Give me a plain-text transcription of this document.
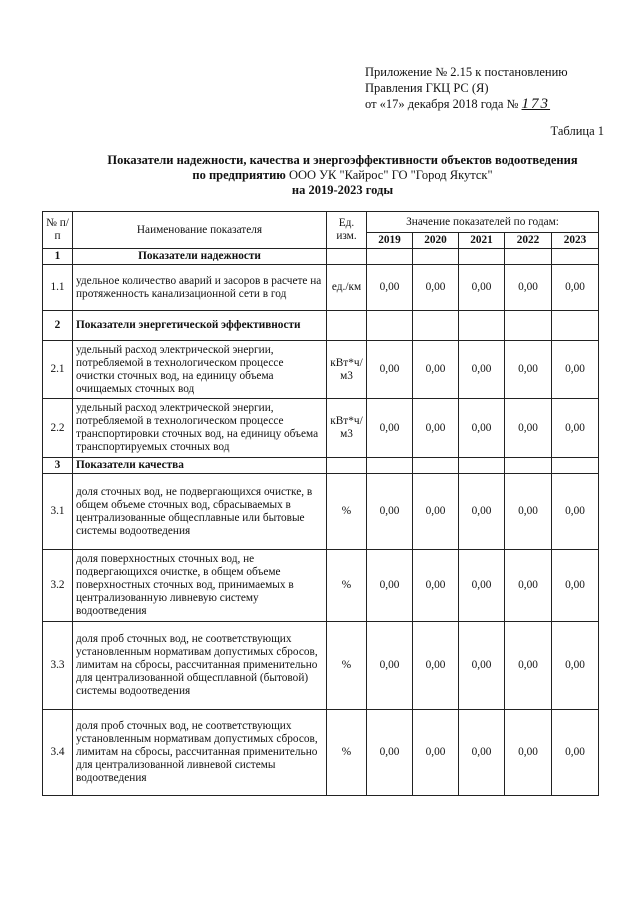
Приложение № 2.15 к постановлению
Правления ГКЦ РС (Я)
от «17» декабря 2018 года № 173
Таблица 1
Показатели надежности, качества и энергоэффективности объектов водоотведения
по предприятию ООО УК "Кайрос" ГО "Город Якутск"
на 2019-2023 годы
№ п/п	Наименование показателя	Ед. изм.	Значение показателей по годам:				
			2019	2020	2021	2022	2023
1	Показатели надежности						
1.1	удельное количество аварий и засоров в расчете на протяженность канализационной сети в год	ед./км	0,00	0,00	0,00	0,00	0,00
2	Показатели энергетической эффективности						
2.1	удельный расход электрической энергии, потребляемой в технологическом процессе очистки сточных вод, на единицу объема очищаемых сточных вод	кВт*ч/м3	0,00	0,00	0,00	0,00	0,00
2.2	удельный расход электрической энергии, потребляемой в технологическом процессе транспортировки сточных вод, на единицу объема транспортируемых сточных вод	кВт*ч/м3	0,00	0,00	0,00	0,00	0,00
3	Показатели качества						
3.1	доля сточных вод, не подвергающихся очистке, в общем объеме сточных вод, сбрасываемых в централизованные общесплавные или бытовые системы водоотведения	%	0,00	0,00	0,00	0,00	0,00
3.2	доля поверхностных сточных вод, не подвергающихся очистке, в общем объеме поверхностных сточных вод, принимаемых в централизованную ливневую систему водоотведения	%	0,00	0,00	0,00	0,00	0,00
3.3	доля проб сточных вод, не соответствующих установленным нормативам допустимых сбросов, лимитам на сбросы, рассчитанная применительно для централизованной общесплавной (бытовой) системы водоотведения	%	0,00	0,00	0,00	0,00	0,00
3.4	доля проб сточных вод, не соответствующих установленным нормативам допустимых сбросов, лимитам на сбросы, рассчитанная применительно для централизованной ливневой системы водоотведения	%	0,00	0,00	0,00	0,00	0,00
